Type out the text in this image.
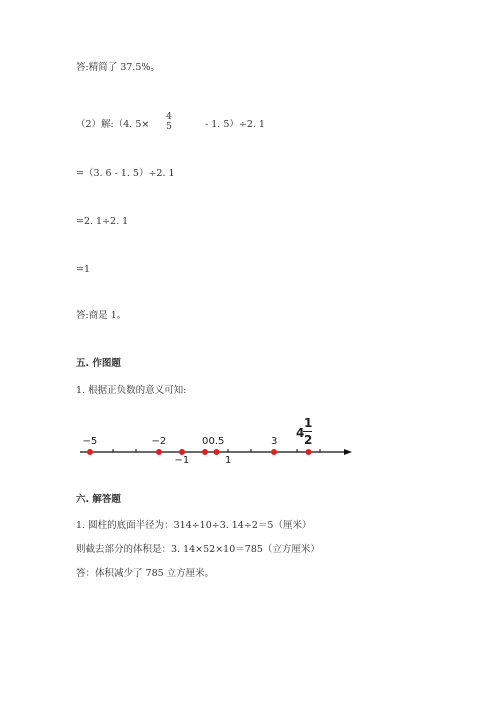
答:精简了 37.5%。
（2）解:（4. 5×
4
5	- 1. 5）÷2. 1
=（3. 6 - 1. 5）÷2. 1
=2. 1÷2. 1
=1
答:商是 1。
五. 作图题
1. 根据正负数的意义可知:
−5	−2	0 0.5	3
−1	1
4
1
2
六. 解答题
1. 圆柱的底面半径为：314÷10÷3. 14÷2＝5（厘米）
则截去部分的体积是：3. 14×52×10＝785（立方厘米）
答：体积减少了 785 立方厘米。
